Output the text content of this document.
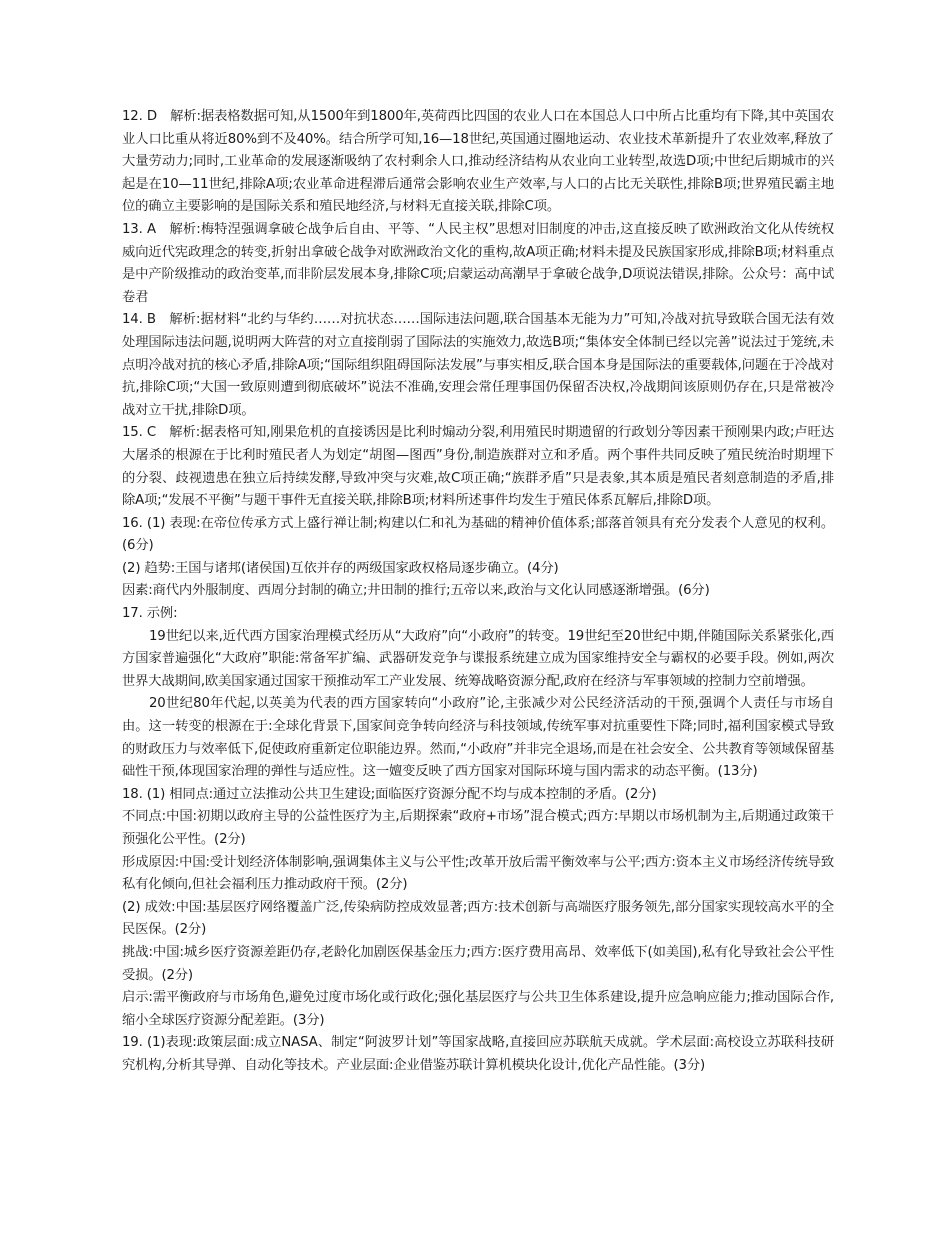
12. D　解析:据表格数据可知,从1500年到1800年,英荷西比四国的农业人口在本国总人口中所占比重均有下降,其中英国农业人口比重从将近80%到不及40%。结合所学可知,16—18世纪,英国通过圈地运动、农业技术革新提升了农业效率,释放了大量劳动力;同时,工业革命的发展逐渐吸纳了农村剩余人口,推动经济结构从农业向工业转型,故选D项;中世纪后期城市的兴起是在10—11世纪,排除A项;农业革命进程滞后通常会影响农业生产效率,与人口的占比无关联性,排除B项;世界殖民霸主地位的确立主要影响的是国际关系和殖民地经济,与材料无直接关联,排除C项。

13. A　解析:梅特涅强调拿破仑战争后自由、平等、“人民主权”思想对旧制度的冲击,这直接反映了欧洲政治文化从传统权威向近代宪政理念的转变,折射出拿破仑战争对欧洲政治文化的重构,故A项正确;材料未提及民族国家形成,排除B项;材料重点是中产阶级推动的政治变革,而非阶层发展本身,排除C项;启蒙运动高潮早于拿破仑战争,D项说法错误,排除。公众号：高中试卷君

14. B　解析:据材料“北约与华约……对抗状态……国际违法问题,联合国基本无能为力”可知,冷战对抗导致联合国无法有效处理国际违法问题,说明两大阵营的对立直接削弱了国际法的实施效力,故选B项;“集体安全体制已经以完善”说法过于笼统,未点明冷战对抗的核心矛盾,排除A项;“国际组织阻碍国际法发展”与事实相反,联合国本身是国际法的重要载体,问题在于冷战对抗,排除C项;“大国一致原则遭到彻底破坏”说法不准确,安理会常任理事国仍保留否决权,冷战期间该原则仍存在,只是常被冷战对立干扰,排除D项。

15. C　解析:据表格可知,刚果危机的直接诱因是比利时煽动分裂,利用殖民时期遗留的行政划分等因素干预刚果内政;卢旺达大屠杀的根源在于比利时殖民者人为划定“胡图—图西”身份,制造族群对立和矛盾。两个事件共同反映了殖民统治时期埋下的分裂、歧视遗患在独立后持续发酵,导致冲突与灾难,故C项正确;“族群矛盾”只是表象,其本质是殖民者刻意制造的矛盾,排除A项;“发展不平衡”与题干事件无直接关联,排除B项;材料所述事件均发生于殖民体系瓦解后,排除D项。

16. (1) 表现:在帝位传承方式上盛行禅让制;构建以仁和礼为基础的精神价值体系;部落首领具有充分发表个人意见的权利。(6分)

(2) 趋势:王国与诸邦(诸侯国)互依并存的两级国家政权格局逐步确立。(4分)

因素:商代内外服制度、西周分封制的确立;井田制的推行;五帝以来,政治与文化认同感逐渐增强。(6分)

17. 示例:

19世纪以来,近代西方国家治理模式经历从“大政府”向“小政府”的转变。19世纪至20世纪中期,伴随国际关系紧张化,西方国家普遍强化“大政府”职能:常备军扩编、武器研发竞争与谍报系统建立成为国家维持安全与霸权的必要手段。例如,两次世界大战期间,欧美国家通过国家干预推动军工产业发展、统筹战略资源分配,政府在经济与军事领域的控制力空前增强。

20世纪80年代起,以英美为代表的西方国家转向“小政府”论,主张减少对公民经济活动的干预,强调个人责任与市场自由。这一转变的根源在于:全球化背景下,国家间竞争转向经济与科技领域,传统军事对抗重要性下降;同时,福利国家模式导致的财政压力与效率低下,促使政府重新定位职能边界。然而,“小政府”并非完全退场,而是在社会安全、公共教育等领域保留基础性干预,体现国家治理的弹性与适应性。这一嬗变反映了西方国家对国际环境与国内需求的动态平衡。(13分)

18. (1) 相同点:通过立法推动公共卫生建设;面临医疗资源分配不均与成本控制的矛盾。(2分)

不同点:中国:初期以政府主导的公益性医疗为主,后期探索“政府+市场”混合模式;西方:早期以市场机制为主,后期通过政策干预强化公平性。(2分)

形成原因:中国:受计划经济体制影响,强调集体主义与公平性;改革开放后需平衡效率与公平;西方:资本主义市场经济传统导致私有化倾向,但社会福利压力推动政府干预。(2分)

(2) 成效:中国:基层医疗网络覆盖广泛,传染病防控成效显著;西方:技术创新与高端医疗服务领先,部分国家实现较高水平的全民医保。(2分)

挑战:中国:城乡医疗资源差距仍存,老龄化加剧医保基金压力;西方:医疗费用高昂、效率低下(如美国),私有化导致社会公平性受损。(2分)

启示:需平衡政府与市场角色,避免过度市场化或行政化;强化基层医疗与公共卫生体系建设,提升应急响应能力;推动国际合作,缩小全球医疗资源分配差距。(3分)

19. (1)表现:政策层面:成立NASA、制定“阿波罗计划”等国家战略,直接回应苏联航天成就。学术层面:高校设立苏联科技研究机构,分析其导弹、自动化等技术。产业层面:企业借鉴苏联计算机模块化设计,优化产品性能。(3分)
